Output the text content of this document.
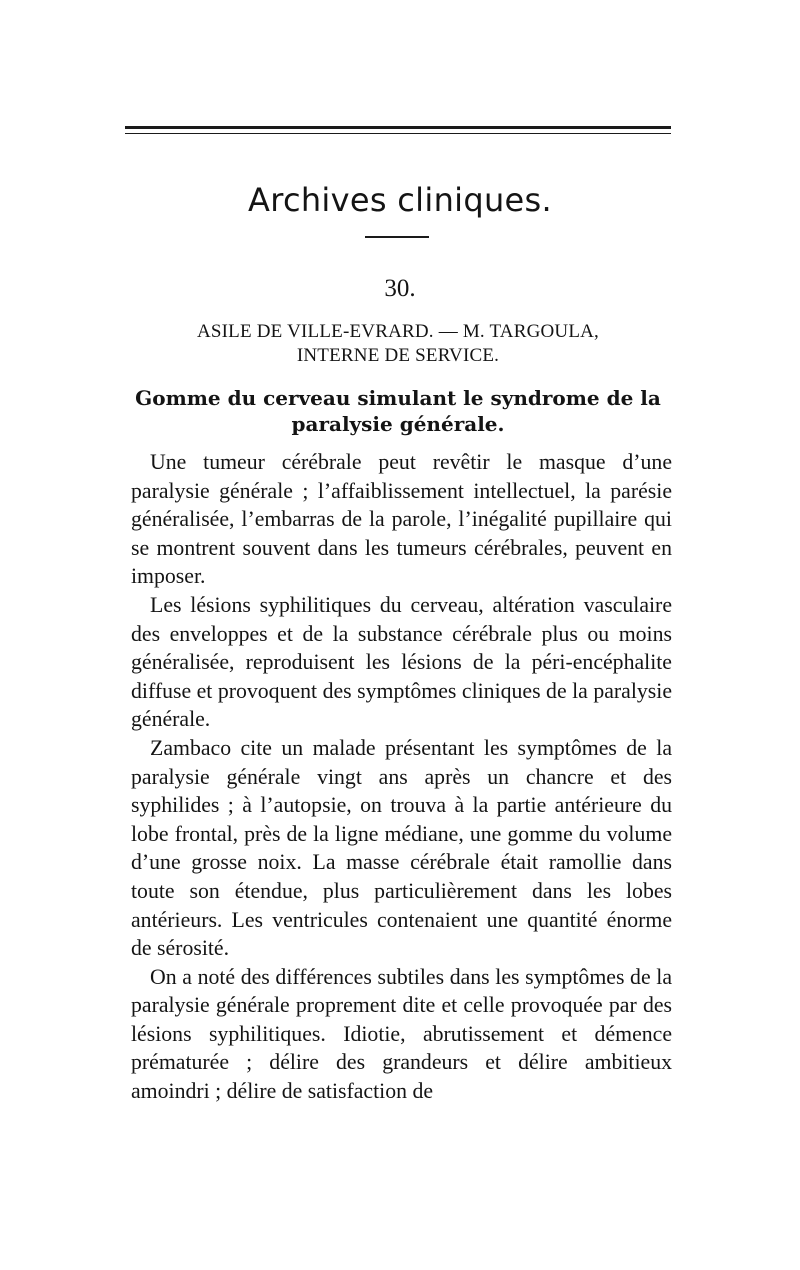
Archives cliniques.
30.
ASILE DE VILLE-EVRARD. — M. TARGOULA,
INTERNE DE SERVICE.
Gomme du cerveau simulant le syndrome de la
paralysie générale.

Une tumeur cérébrale peut revêtir le masque d’une paralysie générale ; l’affaiblissement intellectuel, la parésie généralisée, l’embarras de la parole, l’inégalité pupillaire qui se montrent souvent dans les tumeurs cérébrales, peuvent en imposer.

Les lésions syphilitiques du cerveau, altération vasculaire des enveloppes et de la substance cérébrale plus ou moins généralisée, reproduisent les lésions de la péri-encéphalite diffuse et provoquent des symptômes cliniques de la paralysie générale.

Zambaco cite un malade présentant les symptômes de la paralysie générale vingt ans après un chancre et des syphilides ; à l’autopsie, on trouva à la partie antérieure du lobe frontal, près de la ligne médiane, une gomme du volume d’une grosse noix. La masse cérébrale était ramollie dans toute son étendue, plus particulièrement dans les lobes antérieurs. Les ventricules contenaient une quantité énorme de sérosité.

On a noté des différences subtiles dans les symptômes de la paralysie générale proprement dite et celle provoquée par des lésions syphilitiques. Idiotie, abrutissement et démence prématurée ; délire des grandeurs et délire ambitieux amoindri ; délire de satisfaction de
